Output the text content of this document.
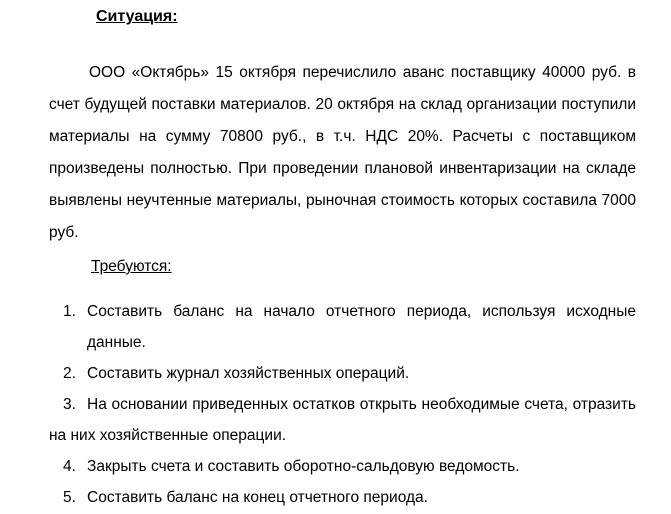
Ситуация:

ООО «Октябрь» 15 октября перечислило аванс поставщику 40000 руб. в счет будущей поставки материалов. 20 октября на склад организации поступили материалы на сумму 70800 руб., в т.ч. НДС 20%. Расчеты с поставщиком произведены полностью. При проведении плановой инвентаризации на складе выявлены неучтенные материалы, рыночная стоимость которых составила 7000 руб.

Требуются:
1. Составить баланс на начало отчетного периода, используя исходные данные.
2. Составить журнал хозяйственных операций.
3. На основании приведенных остатков открыть необходимые счета, отразить на них хозяйственные операции.
4. Закрыть счета и составить оборотно-сальдовую ведомость.
5. Составить баланс на конец отчетного периода.
